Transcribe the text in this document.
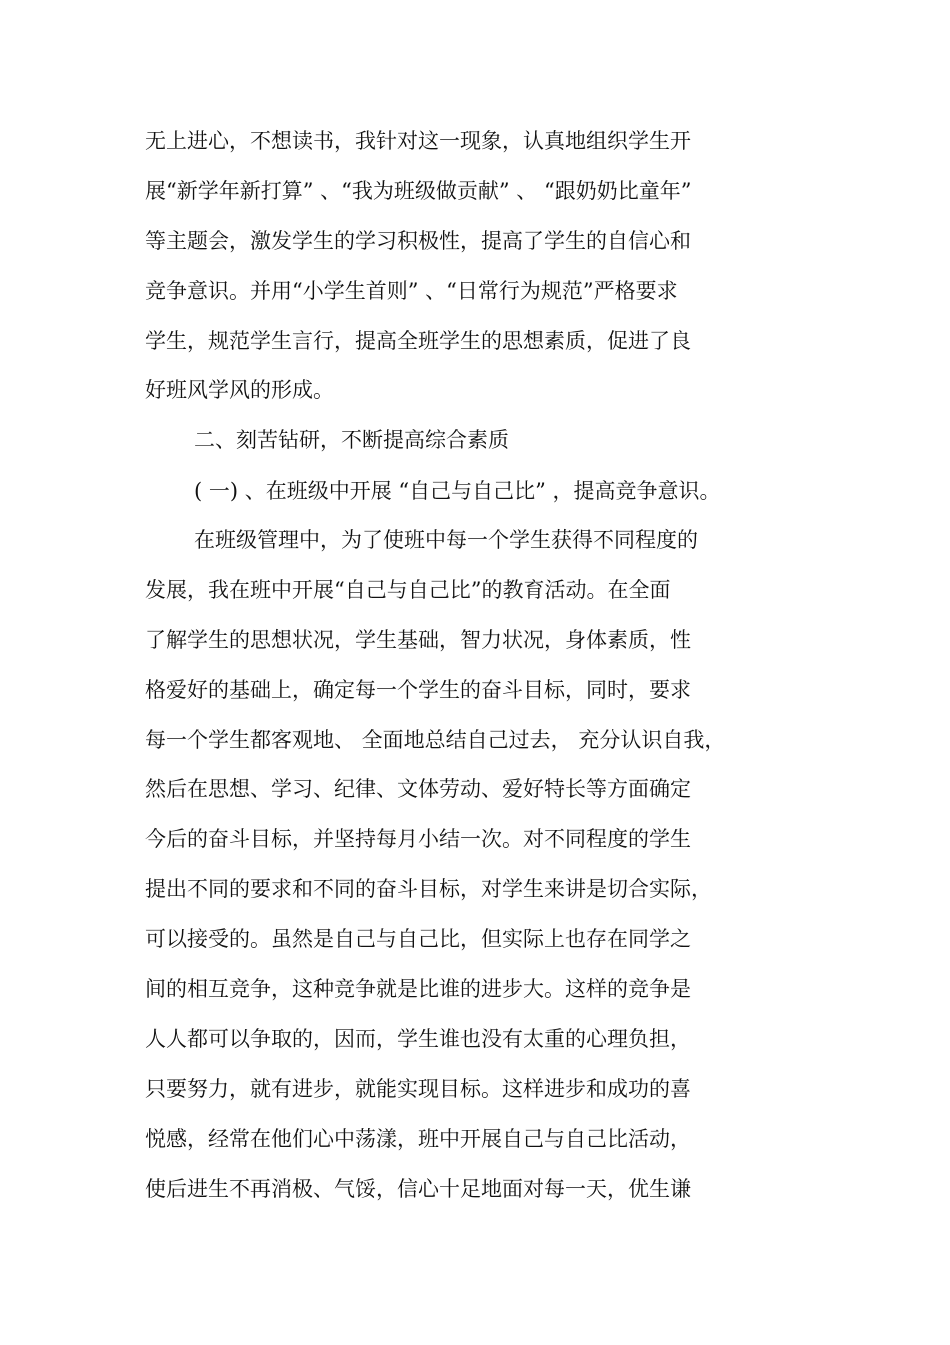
无上进心，不想读书，我针对这一现象，认真地组织学生开
展“新学年新打算” 、“我为班级做贡献” 、 “跟奶奶比童年”
等主题会，激发学生的学习积极性，提高了学生的自信心和
竞争意识。并用“小学生首则” 、“日常行为规范”严格要求
学生，规范学生言行，提高全班学生的思想素质，促进了良
好班风学风的形成。
二、刻苦钻研，不断提高综合素质
( 一) 、在班级中开展 “自己与自己比” ，提高竞争意识。
在班级管理中，为了使班中每一个学生获得不同程度的
发展，我在班中开展“自己与自己比”的教育活动。在全面
了解学生的思想状况，学生基础，智力状况，身体素质，性
格爱好的基础上，确定每一个学生的奋斗目标，同时，要求
每一个学生都客观地、 全面地总结自己过去， 充分认识自我，
然后在思想、学习、纪律、文体劳动、爱好特长等方面确定
今后的奋斗目标，并坚持每月小结一次。对不同程度的学生
提出不同的要求和不同的奋斗目标，对学生来讲是切合实际，
可以接受的。虽然是自己与自己比，但实际上也存在同学之
间的相互竞争，这种竞争就是比谁的进步大。这样的竞争是
人人都可以争取的，因而，学生谁也没有太重的心理负担，
只要努力，就有进步，就能实现目标。这样进步和成功的喜
悦感，经常在他们心中荡漾，班中开展自己与自己比活动，
使后进生不再消极、气馁，信心十足地面对每一天，优生谦
